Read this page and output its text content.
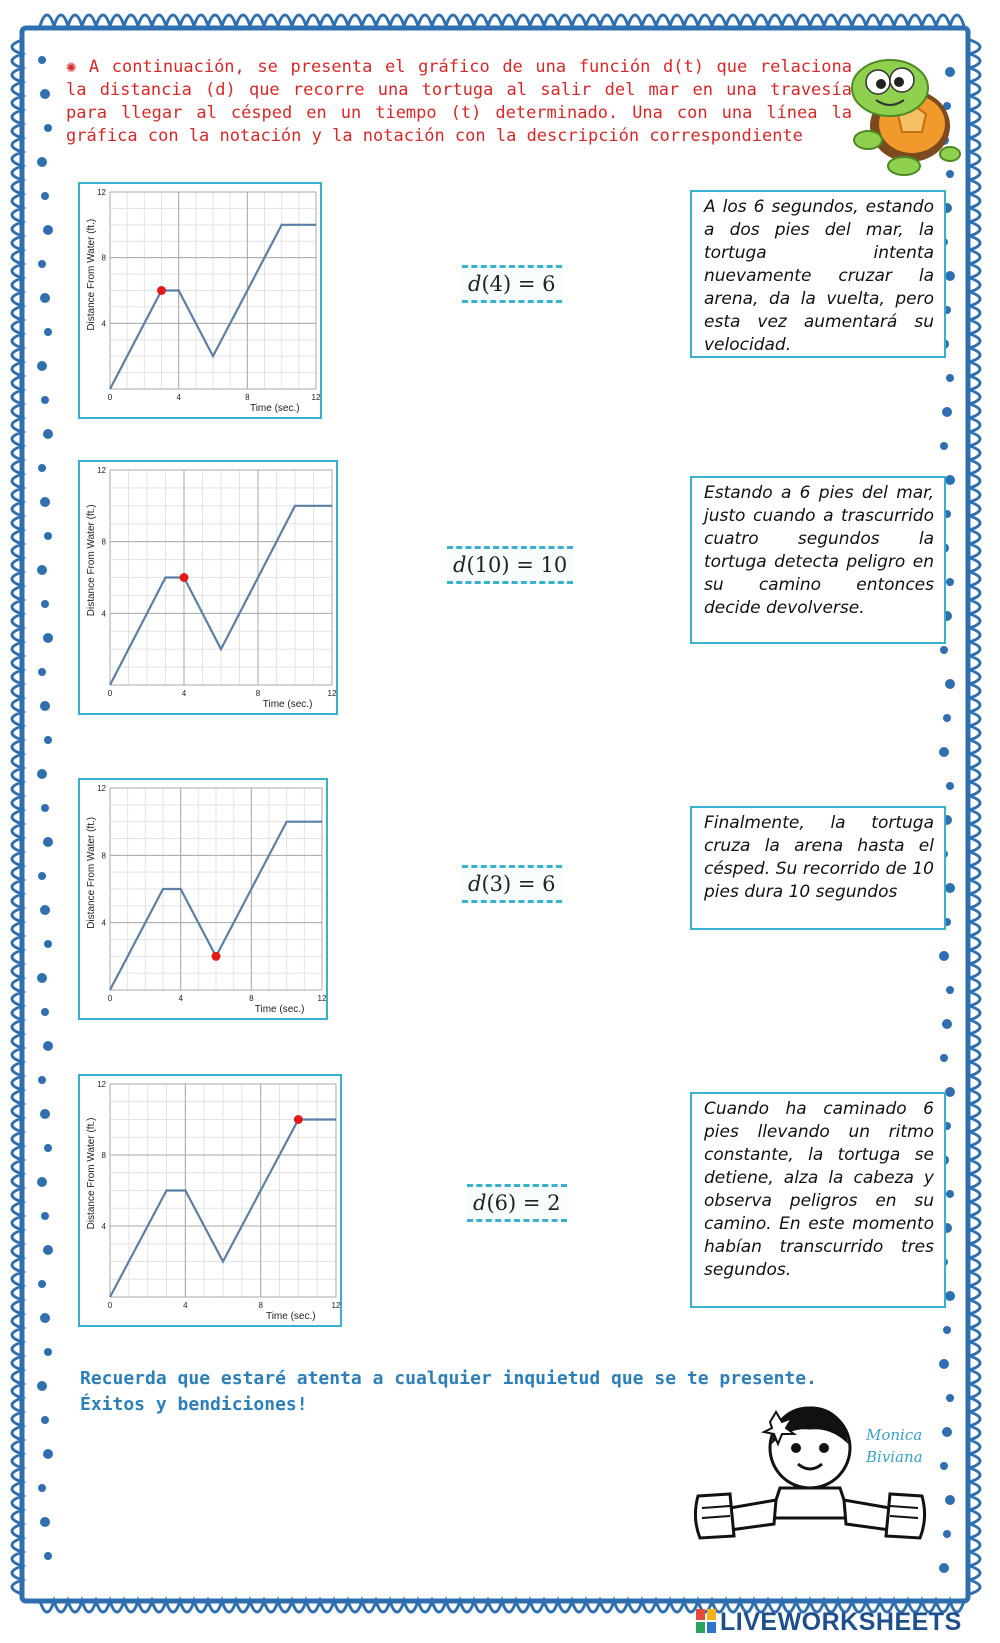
✺ A continuación, se presenta el gráfico de una función d(t) que relaciona la distancia (d) que recorre una tortuga al salir del mar en una travesía para llegar al césped en un tiempo (t) determinado. Una con una línea la gráfica con la notación y la notación con la descripción correspondiente
0	4	8	12
4
8
12
Time (sec.)
Distance From Water (ft.)
0	4	8	12
4
8
12
Time (sec.)
Distance From Water (ft.)
0	4	8	12
4
8
12
Time (sec.)
Distance From Water (ft.)
0	4	8	12
4
8
12
Time (sec.)
Distance From Water (ft.)
d(4) = 6
d(10) = 10
d(3) = 6
d(6) = 2
A los 6 segundos, estando a dos pies del mar, la tortuga intenta nuevamente cruzar la arena, da la vuelta, pero esta vez aumentará su velocidad.
Estando a 6 pies del mar, justo cuando a trascurrido cuatro segundos la tortuga detecta peligro en su camino entonces decide devolverse.
Finalmente, la tortuga cruza la arena hasta el césped. Su recorrido de 10 pies dura 10 segundos
Cuando ha caminado 6 pies llevando un ritmo constante, la tortuga se detiene, alza la cabeza y observa peligros en su camino. En este momento habían transcurrido tres segundos.
Recuerda que estaré atenta a cualquier inquietud que se te presente.
Éxitos y bendiciones!
Monica
Biviana
LIVEWORKSHEETS
